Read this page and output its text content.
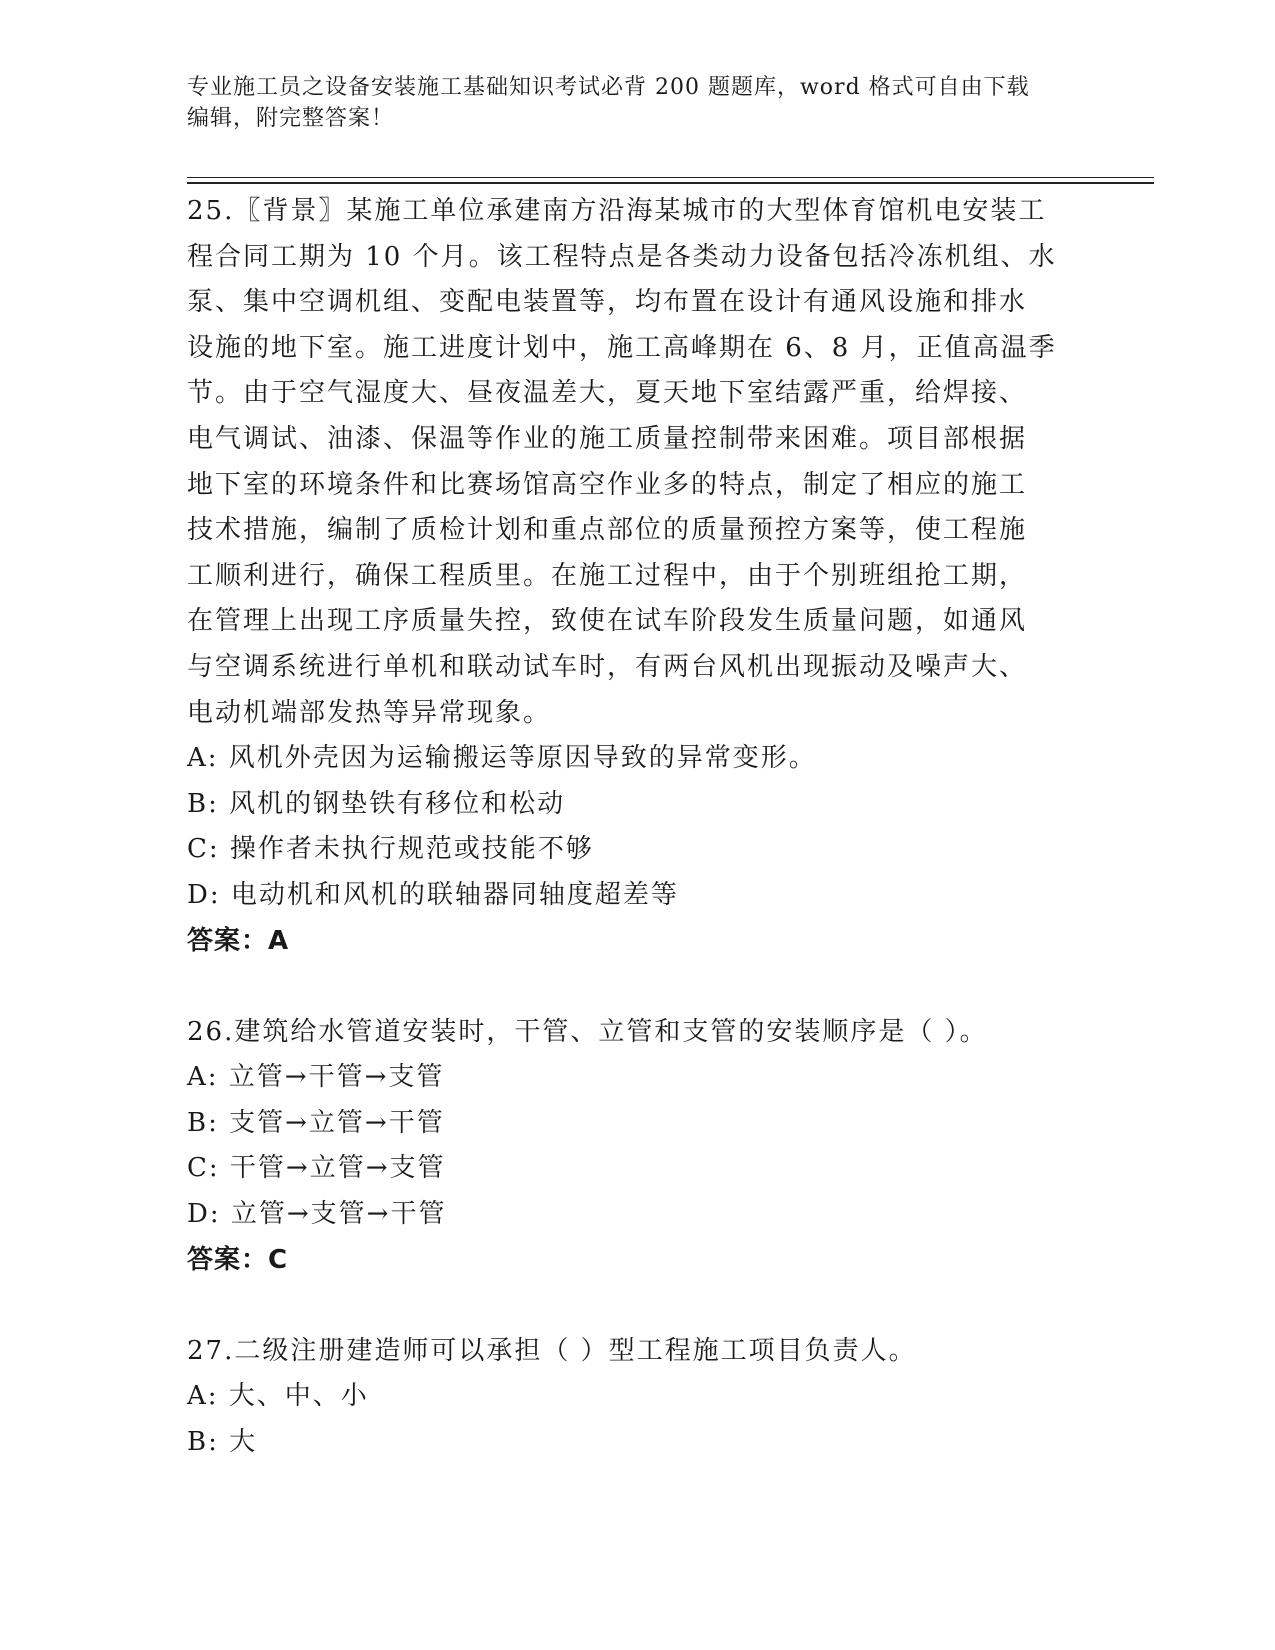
专业施工员之设备安装施工基础知识考试必背 200 题题库，word 格式可自由下载
编辑，附完整答案！
25.〖背景〗某施工单位承建南方沿海某城市的大型体育馆机电安装工
程合同工期为 10 个月。该工程特点是各类动力设备包括冷冻机组、水
泵、集中空调机组、变配电装置等，均布置在设计有通风设施和排水
设施的地下室。施工进度计划中，施工高峰期在 6、8 月，正值高温季
节。由于空气湿度大、昼夜温差大，夏天地下室结露严重，给焊接、
电气调试、油漆、保温等作业的施工质量控制带来困难。项目部根据
地下室的环境条件和比赛场馆高空作业多的特点，制定了相应的施工
技术措施，编制了质检计划和重点部位的质量预控方案等，使工程施
工顺利进行，确保工程质里。在施工过程中，由于个别班组抢工期，
在管理上出现工序质量失控，致使在试车阶段发生质量问题，如通风
与空调系统进行单机和联动试车时，有两台风机出现振动及噪声大、
电动机端部发热等异常现象。
A: 风机外壳因为运输搬运等原因导致的异常变形。
B: 风机的钢垫铁有移位和松动
C: 操作者未执行规范或技能不够
D: 电动机和风机的联轴器同轴度超差等
答案：A
26.建筑给水管道安装时，干管、立管和支管的安装顺序是（ ）。
A: 立管→干管→支管
B: 支管→立管→干管
C: 干管→立管→支管
D: 立管→支管→干管
答案：C
27.二级注册建造师可以承担（ ）型工程施工项目负责人。
A: 大、中、小
B: 大
